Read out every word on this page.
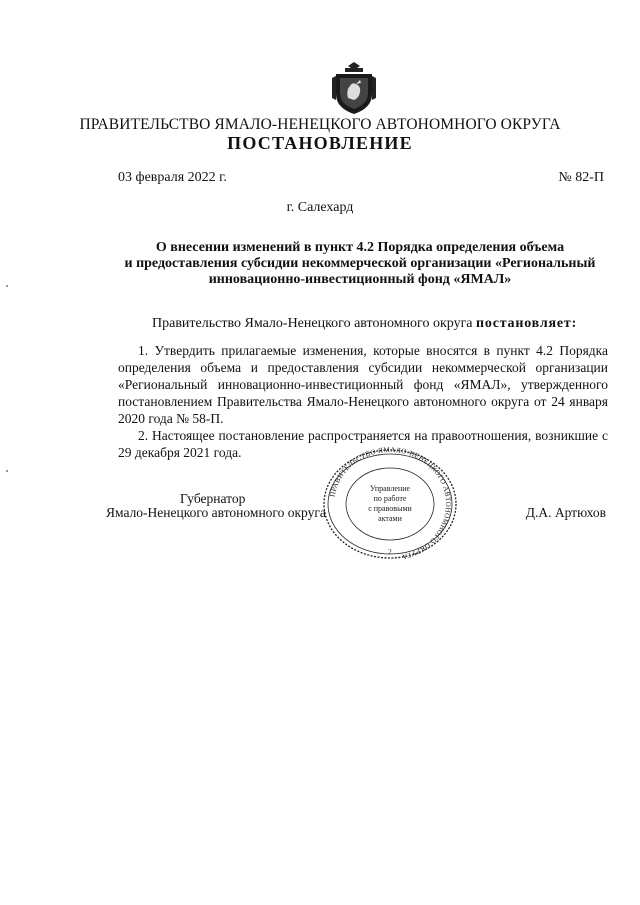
ПРАВИТЕЛЬСТВО ЯМАЛО-НЕНЕЦКОГО АВТОНОМНОГО ОКРУГА
ПОСТАНОВЛЕНИЕ
03 февраля 2022 г.	№ 82-П
г. Салехард
О внесении изменений в пункт 4.2 Порядка определения объема
и предоставления субсидии некоммерческой организации «Региональный
инновационно-инвестиционный фонд «ЯМАЛ»
Правительство Ямало-Ненецкого автономного округа постановляет:

1. Утвердить прилагаемые изменения, которые вносятся в пункт 4.2 Порядка определения объема и предоставления субсидии некоммерческой организации «Региональный инновационно-инвестиционный фонд «ЯМАЛ», утвержденного постановлением Правительства Ямало-Ненецкого автономного округа от 24 января 2020 года № 58-П.

2. Настоящее постановление распространяется на правоотношения, возникшие с 29 декабря 2021 года.

Губернатор
Ямало-Ненецкого автономного округа	Д.А. Артюхов
ПРАВИТЕЛЬСТВО ЯМАЛО-НЕНЕЦКОГО АВТОНОМНОГО ОКРУГА
Управление
по работе
с правовыми
актами
2
